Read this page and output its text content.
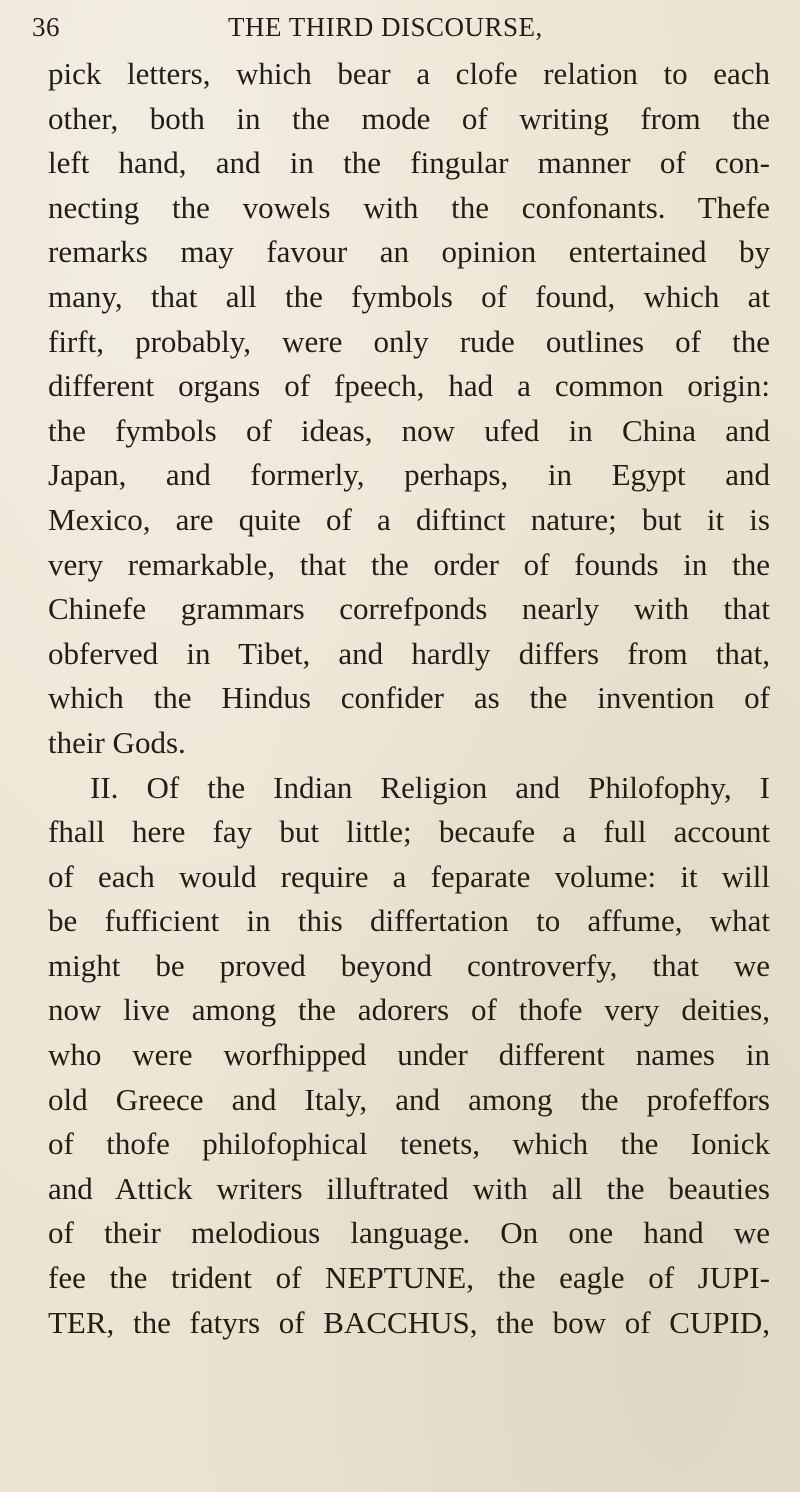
36	THE THIRD DISCOURSE,
pick letters, which bear a clofe relation to each
other, both in the mode of writing from the
left hand, and in the fingular manner of con-
necting the vowels with the confonants. Thefe
remarks may favour an opinion entertained by
many, that all the fymbols of found, which at
firft, probably, were only rude outlines of the
different organs of fpeech, had a common origin:
the fymbols of ideas, now ufed in China and
Japan, and formerly, perhaps, in Egypt and
Mexico, are quite of a diftinct nature; but it is
very remarkable, that the order of founds in the
Chinefe grammars correfponds nearly with that
obferved in Tibet, and hardly differs from that,
which the Hindus confider as the invention of
their Gods.
II. Of the Indian Religion and Philofophy, I
fhall here fay but little; becaufe a full account
of each would require a feparate volume: it will
be fufficient in this differtation to affume, what
might be proved beyond controverfy, that we
now live among the adorers of thofe very deities,
who were worfhipped under different names in
old Greece and Italy, and among the profeffors
of thofe philofophical tenets, which the Ionick
and Attick writers illuftrated with all the beauties
of their melodious language. On one hand we
fee the trident of NEPTUNE, the eagle of JUPI-
TER, the fatyrs of BACCHUS, the bow of CUPID,
